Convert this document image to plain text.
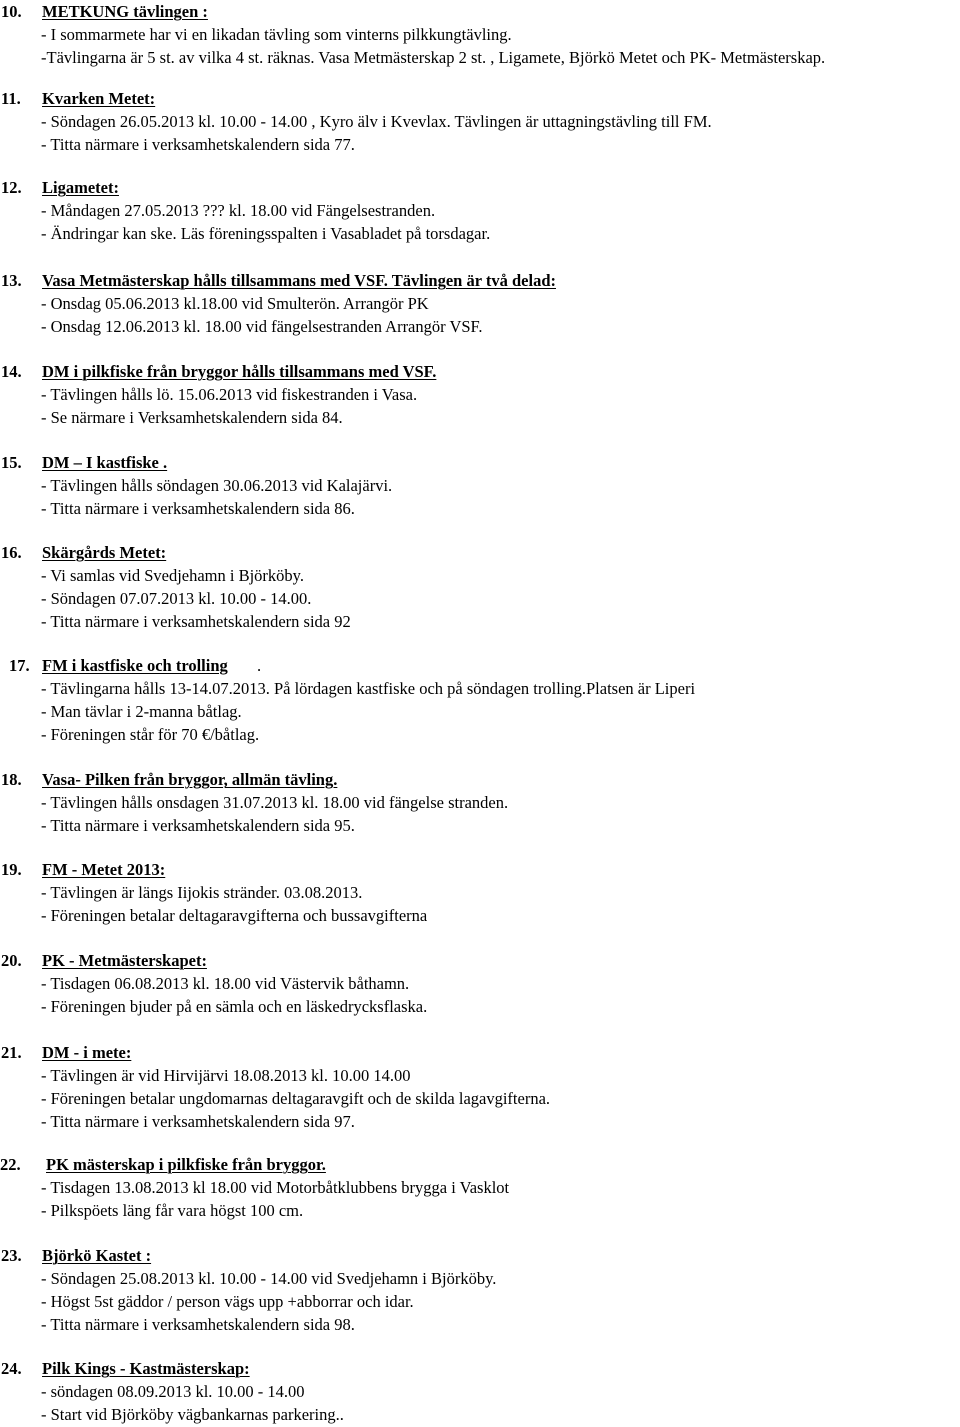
10. METKUNG tävlingen :
- I sommarmete har vi en likadan tävling som vinterns pilkkungtävling.
-Tävlingarna är 5 st. av vilka 4 st. räknas. Vasa Metmästerskap 2 st. , Ligamete, Björkö Metet och PK- Metmästerskap.
11. Kvarken Metet:
- Söndagen 26.05.2013 kl. 10.00 - 14.00 , Kyro älv i Kvevlax. Tävlingen är uttagningstävling till FM.
- Titta närmare i verksamhetskalendern sida 77.
12. Ligametet:
- Måndagen 27.05.2013 ??? kl. 18.00 vid Fängelsestranden.
- Ändringar kan ske. Läs föreningsspalten i Vasabladet på torsdagar.
13. Vasa Metmästerskap hålls tillsammans med VSF. Tävlingen är två delad:
- Onsdag 05.06.2013 kl.18.00 vid Smulterön. Arrangör PK
- Onsdag 12.06.2013 kl. 18.00 vid fängelsestranden Arrangör VSF.
14. DM i pilkfiske från bryggor hålls tillsammans med VSF.
- Tävlingen hålls lö. 15.06.2013 vid fiskestranden i Vasa.
- Se närmare i Verksamhetskalendern sida 84.
15. DM – I kastfiske .
- Tävlingen hålls söndagen 30.06.2013 vid Kalajärvi.
- Titta närmare i verksamhetskalendern sida 86.
16. Skärgårds Metet:
- Vi samlas vid Svedjehamn i Björköby.
- Söndagen 07.07.2013 kl. 10.00 - 14.00.
- Titta närmare i verksamhetskalendern sida 92
17. FM i kastfiske och trolling .
- Tävlingarna hålls 13-14.07.2013. På lördagen kastfiske och på söndagen trolling.Platsen är Liperi
- Man tävlar i 2-manna båtlag.
- Föreningen står för 70 €/båtlag.
18. Vasa- Pilken från bryggor, allmän tävling.
- Tävlingen hålls onsdagen 31.07.2013 kl. 18.00 vid fängelse stranden.
- Titta närmare i verksamhetskalendern sida 95.
19. FM - Metet 2013:
- Tävlingen är längs Iijokis stränder. 03.08.2013.
- Föreningen betalar deltagaravgifterna och bussavgifterna
20. PK - Metmästerskapet:
- Tisdagen 06.08.2013 kl. 18.00 vid Västervik båthamn.
- Föreningen bjuder på en sämla och en läskedrycksflaska.
21. DM - i mete:
- Tävlingen är vid Hirvijärvi 18.08.2013 kl. 10.00 14.00
- Föreningen betalar ungdomarnas deltagaravgift och de skilda lagavgifterna.
- Titta närmare i verksamhetskalendern sida 97.
22. PK mästerskap i pilkfiske från bryggor.
- Tisdagen 13.08.2013 kl 18.00 vid Motorbåtklubbens brygga i Vasklot
- Pilkspöets läng får vara högst 100 cm.
23. Björkö Kastet :
- Söndagen 25.08.2013 kl. 10.00 - 14.00 vid Svedjehamn i Björköby.
- Högst 5st gäddor / person vägs upp +abborrar och idar.
- Titta närmare i verksamhetskalendern sida 98.
24. Pilk Kings - Kastmästerskap:
- söndagen 08.09.2013 kl. 10.00 - 14.00
- Start vid Björköby vägbankarnas parkering..
